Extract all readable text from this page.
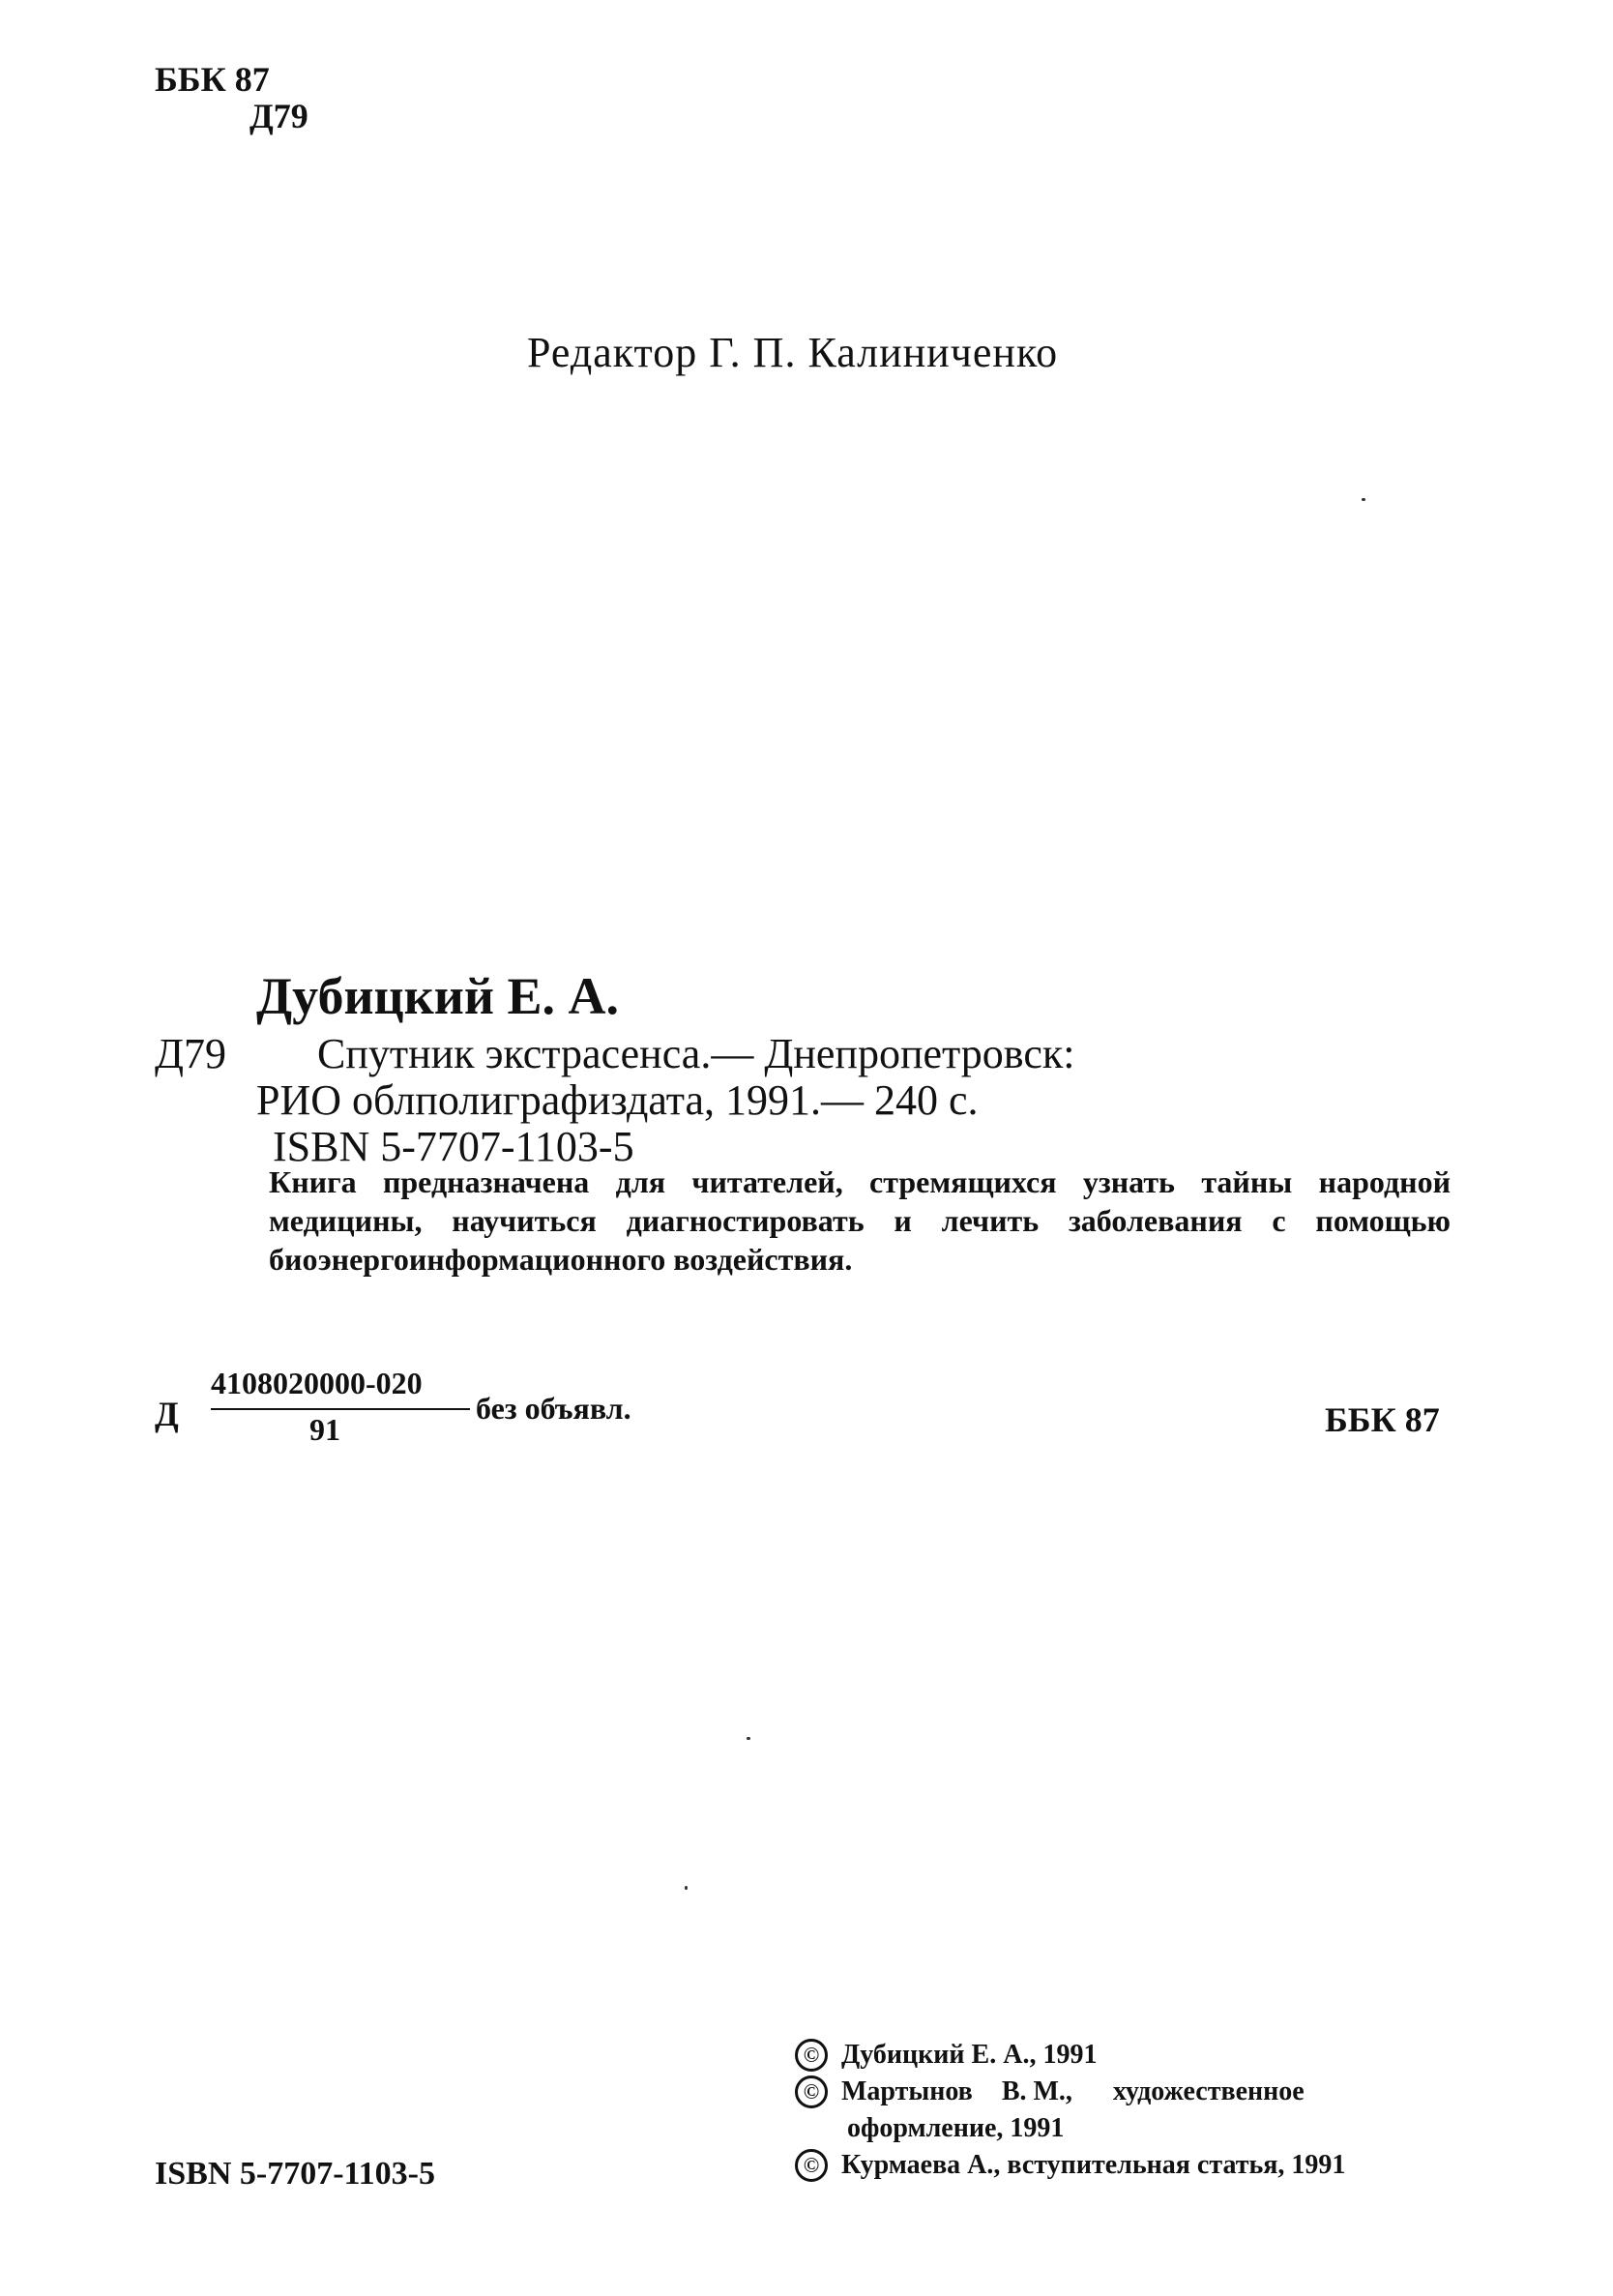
ББК 87
Д79
Редактор Г. П. Калиниченко
Дубицкий Е. А.
Д79 Спутник экстрасенса.— Днепропетровск:
РИО облполиграфиздата, 1991.— 240 с.
ISBN 5-7707-1103-5
Книга предназначена для читателей, стремящихся узнать тайны народной медицины, научиться диагностировать и лечить заболевания с помощью биоэнергоинформационного воздействия.
Д
4108020000-020
91
без объявл.	ББК 87
© Дубицкий Е. А., 1991
© Мартынов В. М., художественное
оформление, 1991
© Курмаева А., вступительная статья, 1991
ISBN 5-7707-1103-5
